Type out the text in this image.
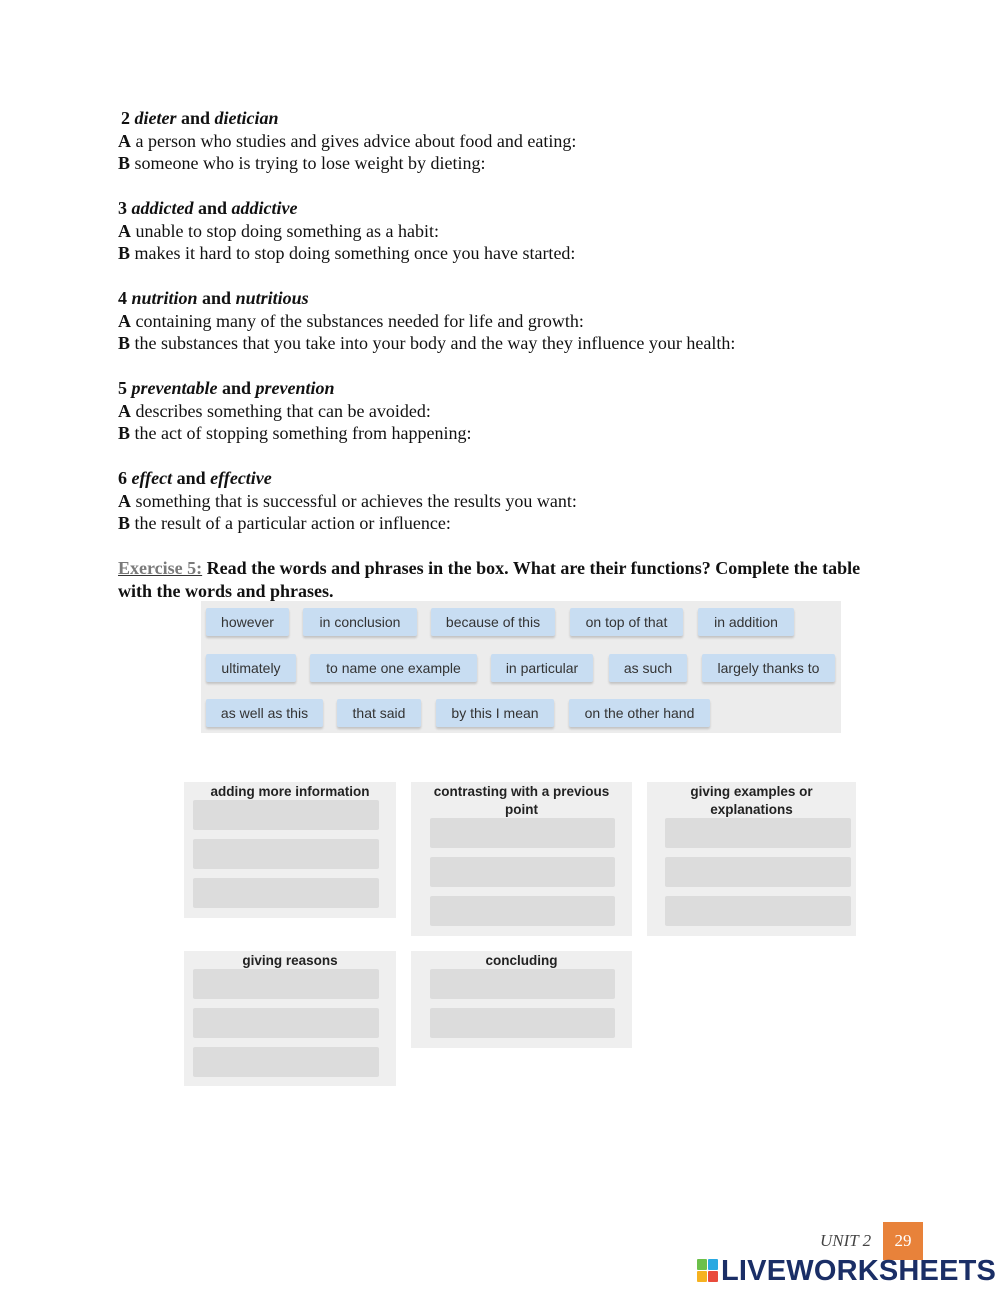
2 dieter and dietician
A a person who studies and gives advice about food and eating:
B someone who is trying to lose weight by dieting:
3 addicted and addictive
A unable to stop doing something as a habit:
B makes it hard to stop doing something once you have started:
4 nutrition and nutritious
A containing many of the substances needed for life and growth:
B the substances that you take into your body and the way they influence your health:
5 preventable and prevention
A describes something that can be avoided:
B the act of stopping something from happening:
6 effect and effective
A something that is successful or achieves the results you want:
B the result of a particular action or influence:
Exercise 5: Read the words and phrases in the box. What are their functions? Complete the table with the words and phrases.
however	in conclusion	because of this	on top of that	in addition
ultimately	to name one example	in particular	as such	largely thanks to
as well as this	that said	by this I mean	on the other hand
adding more information	contrasting with a previous point
giving examples or explanations
giving reasons	concluding
UNIT 2	29
LIVEWORKSHEETS
